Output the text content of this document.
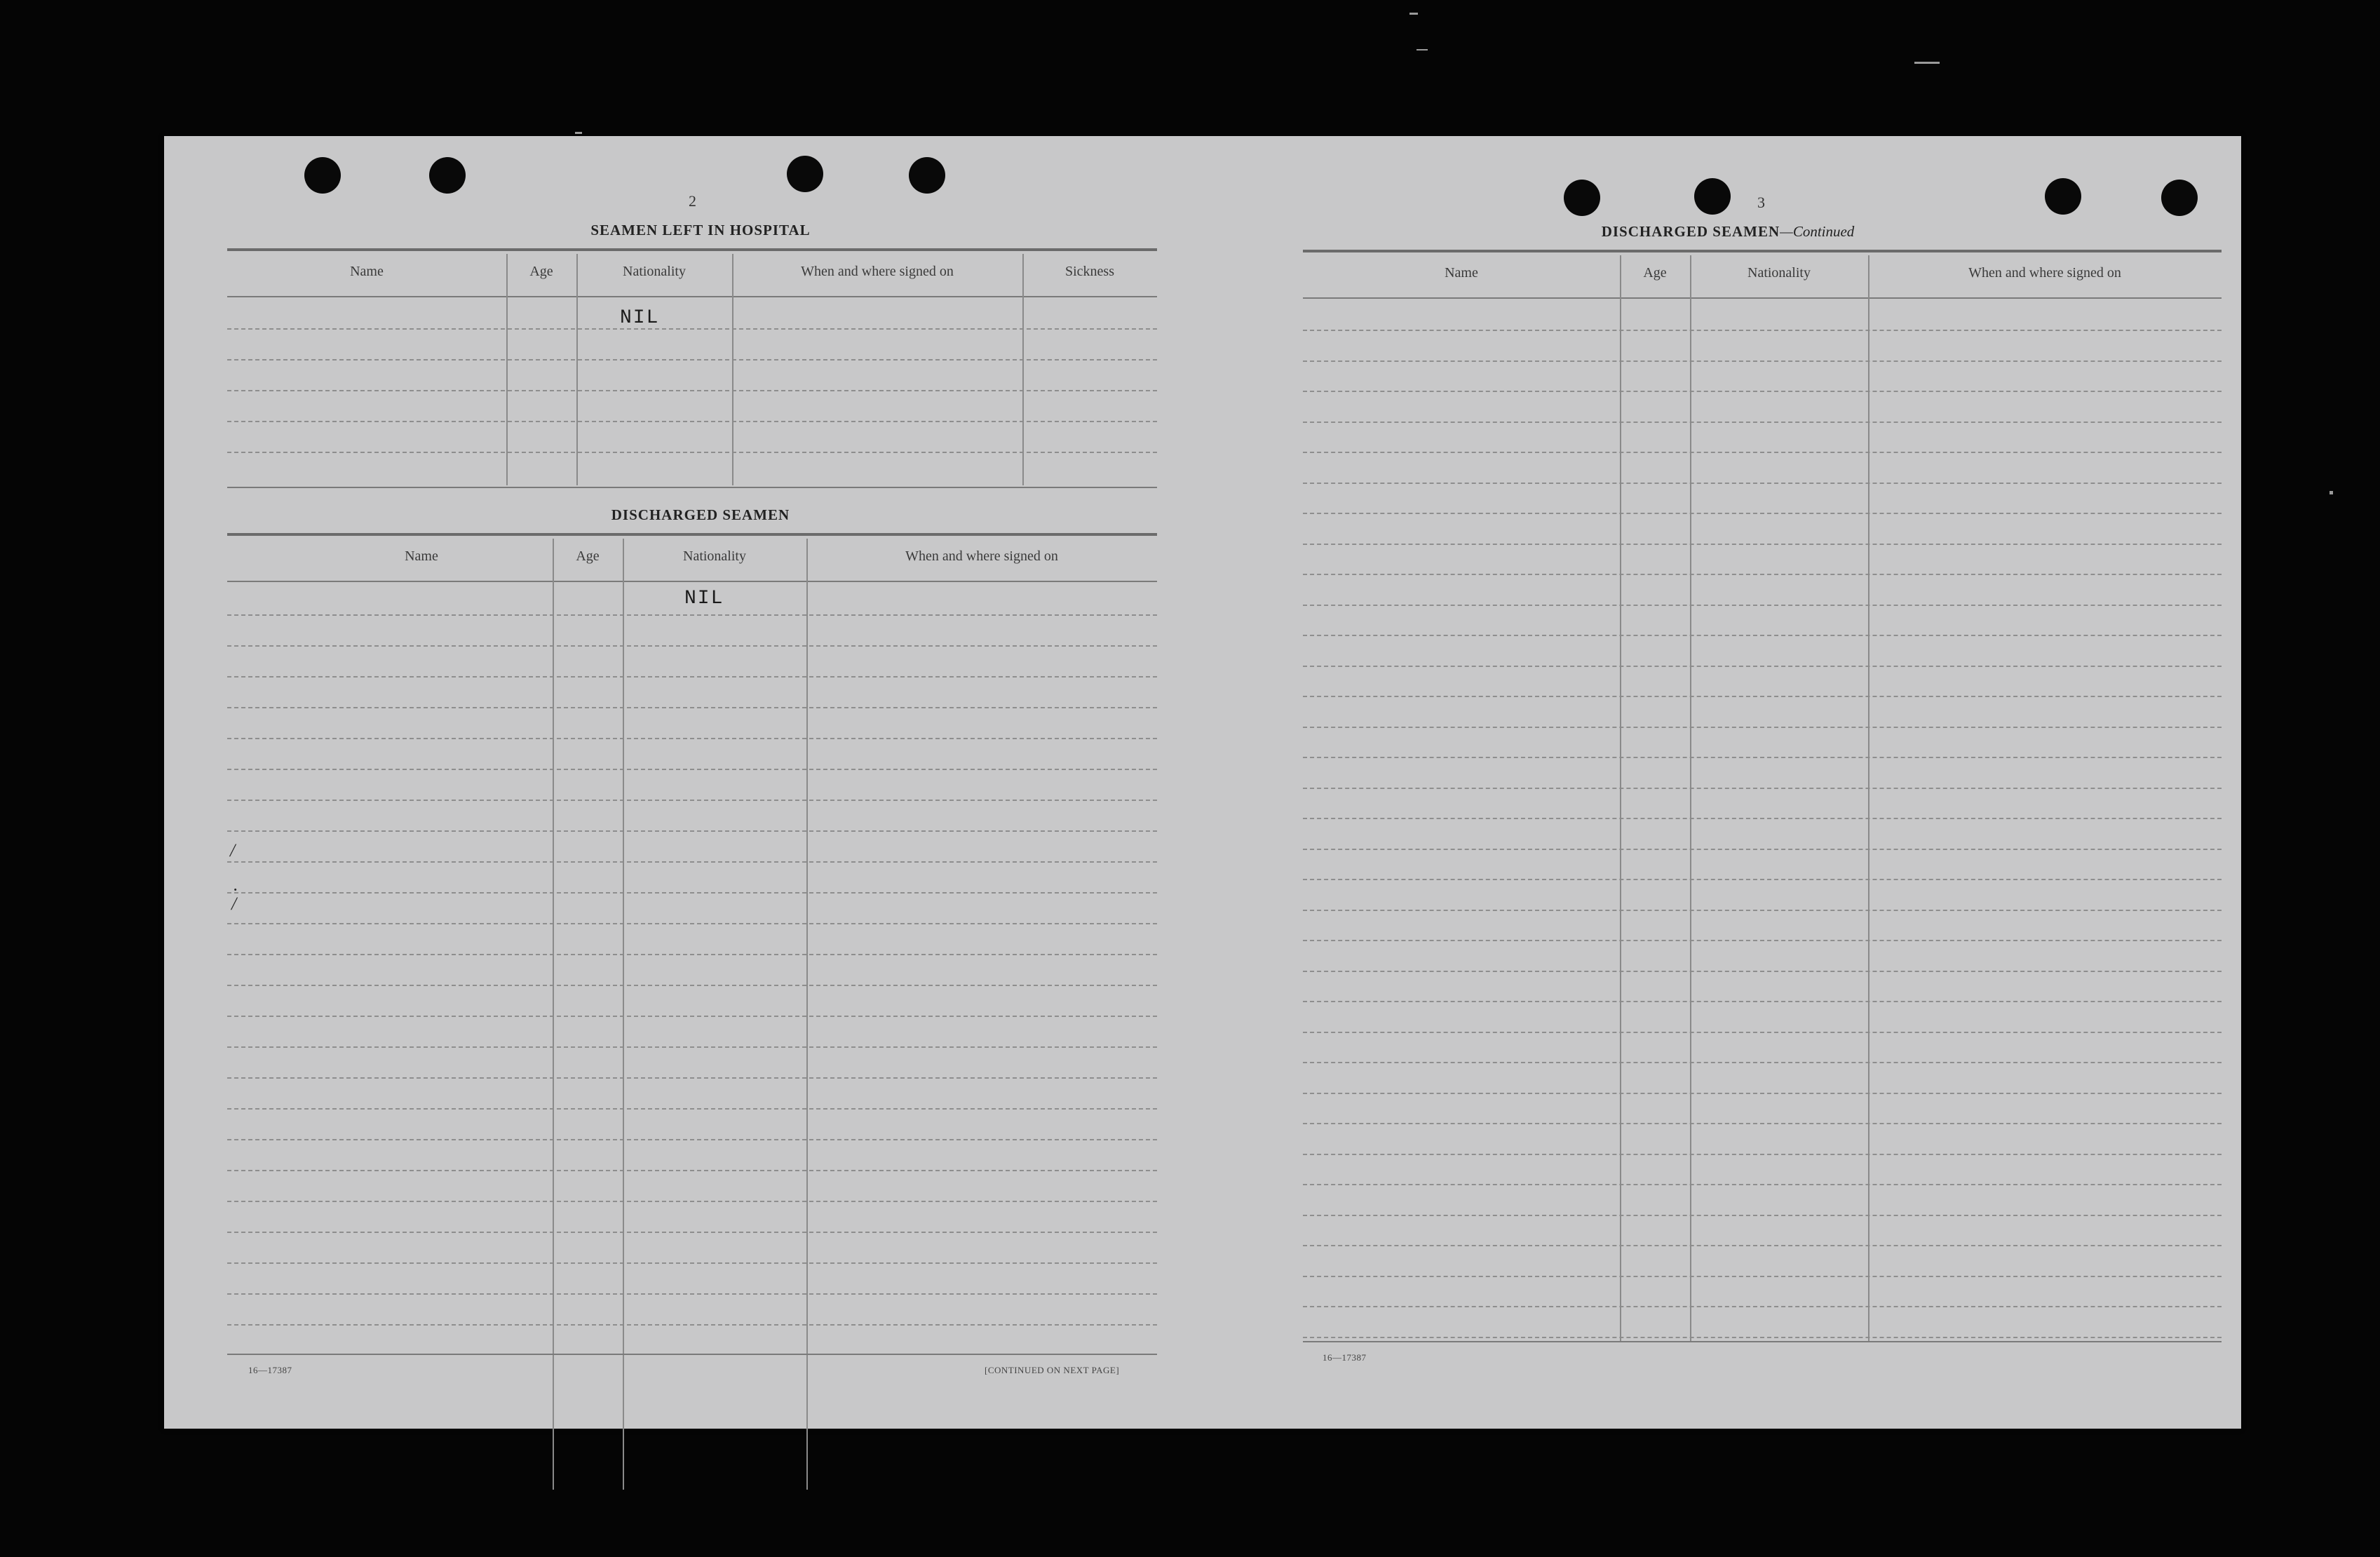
2
SEAMEN LEFT IN HOSPITAL
Name	Age	Nationality	When and where signed on	Sickness
NIL
DISCHARGED SEAMEN
Name	Age	Nationality	When and where signed on
NIL
/
·
/
16—17387	[CONTINUED ON NEXT PAGE]
3
DISCHARGED SEAMEN—Continued
Name	Age	Nationality	When and where signed on
16—17387
